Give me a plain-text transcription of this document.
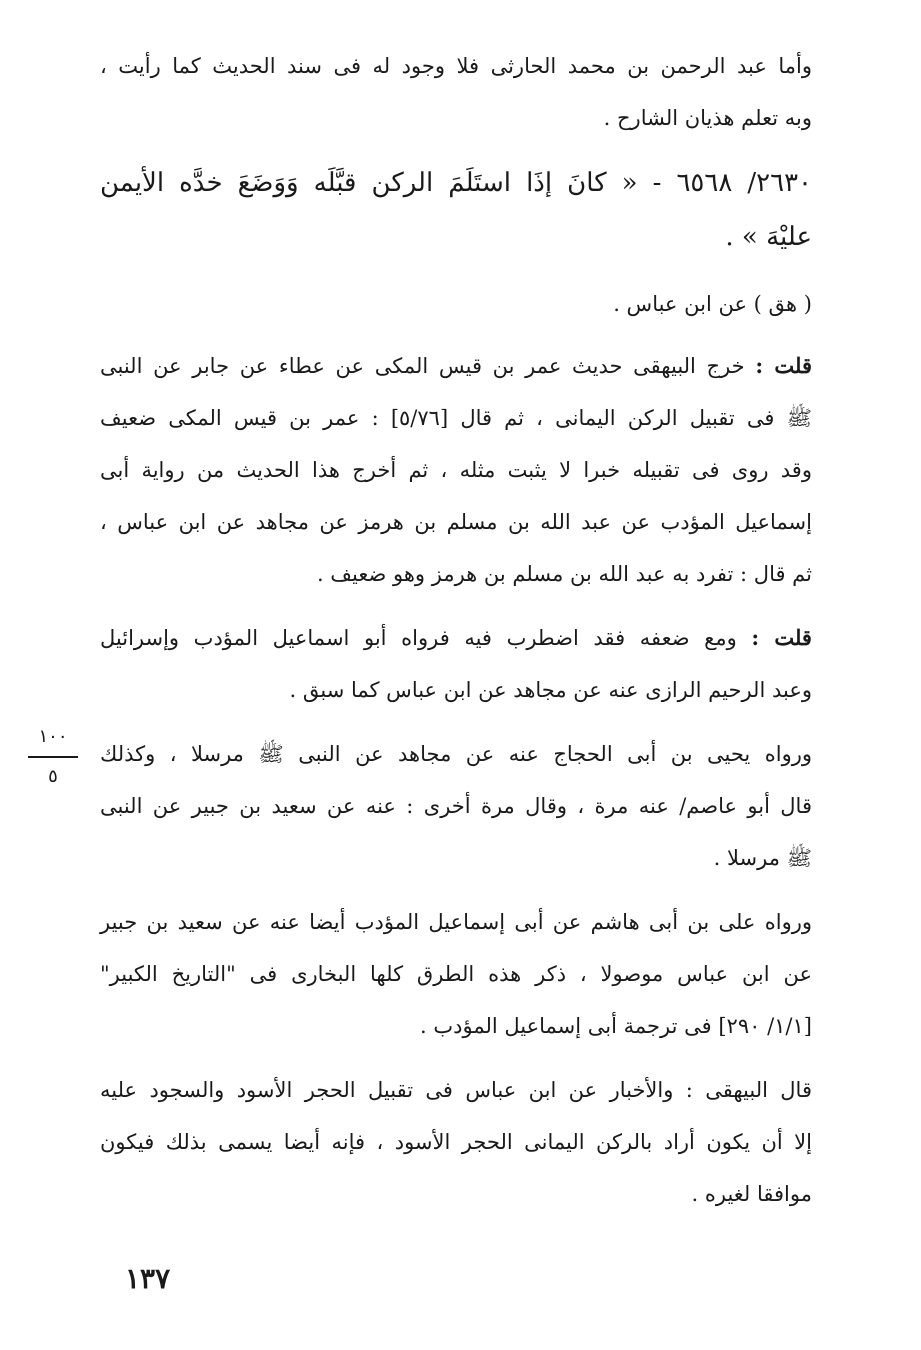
وأما عبد الرحمن بن محمد الحارثى فلا وجود له فى سند الحديث كما رأيت ،
وبه تعلم هذيان الشارح .
٢٦٣٠/ ٦٥٦٨ - « كانَ إذَا استَلَمَ الركن قبَّلَه وَوَضَعَ خدَّه الأيمن
عليْهَ » .
( هق ) عن ابن عباس .
قلت : خرج البيهقى حديث عمر بن قيس المكى عن عطاء عن جابر عن النبى
ﷺ فى تقبيل الركن اليمانى ، ثم قال [٥/٧٦] : عمر بن قيس المكى ضعيف
وقد روى فى تقبيله خبرا لا يثبت مثله ، ثم أخرج هذا الحديث من رواية أبى
إسماعيل المؤدب عن عبد الله بن مسلم بن هرمز عن مجاهد عن ابن عباس ،
ثم قال : تفرد به عبد الله بن مسلم بن هرمز وهو ضعيف .
قلت : ومع ضعفه فقد اضطرب فيه فرواه أبو اسماعيل المؤدب وإسرائيل
وعبد الرحيم الرازى عنه عن مجاهد عن ابن عباس كما سبق .
ورواه يحيى بن أبى الحجاج عنه عن مجاهد عن النبى ﷺ مرسلا ، وكذلك
قال أبو عاصم/ عنه مرة ، وقال مرة أخرى : عنه عن سعيد بن جبير عن النبى
ﷺ مرسلا .
ورواه على بن أبى هاشم عن أبى إسماعيل المؤدب أيضا عنه عن سعيد بن جبير
عن ابن عباس موصولا ، ذكر هذه الطرق كلها البخارى فى "التاريخ الكبير"
[١/١/ ٢٩٠] فى ترجمة أبى إسماعيل المؤدب .
قال البيهقى : والأخبار عن ابن عباس فى تقبيل الحجر الأسود والسجود عليه
إلا أن يكون أراد بالركن اليمانى الحجر الأسود ، فإنه أيضا يسمى بذلك فيكون
موافقا لغيره .
١٠٠
٥
١٣٧
